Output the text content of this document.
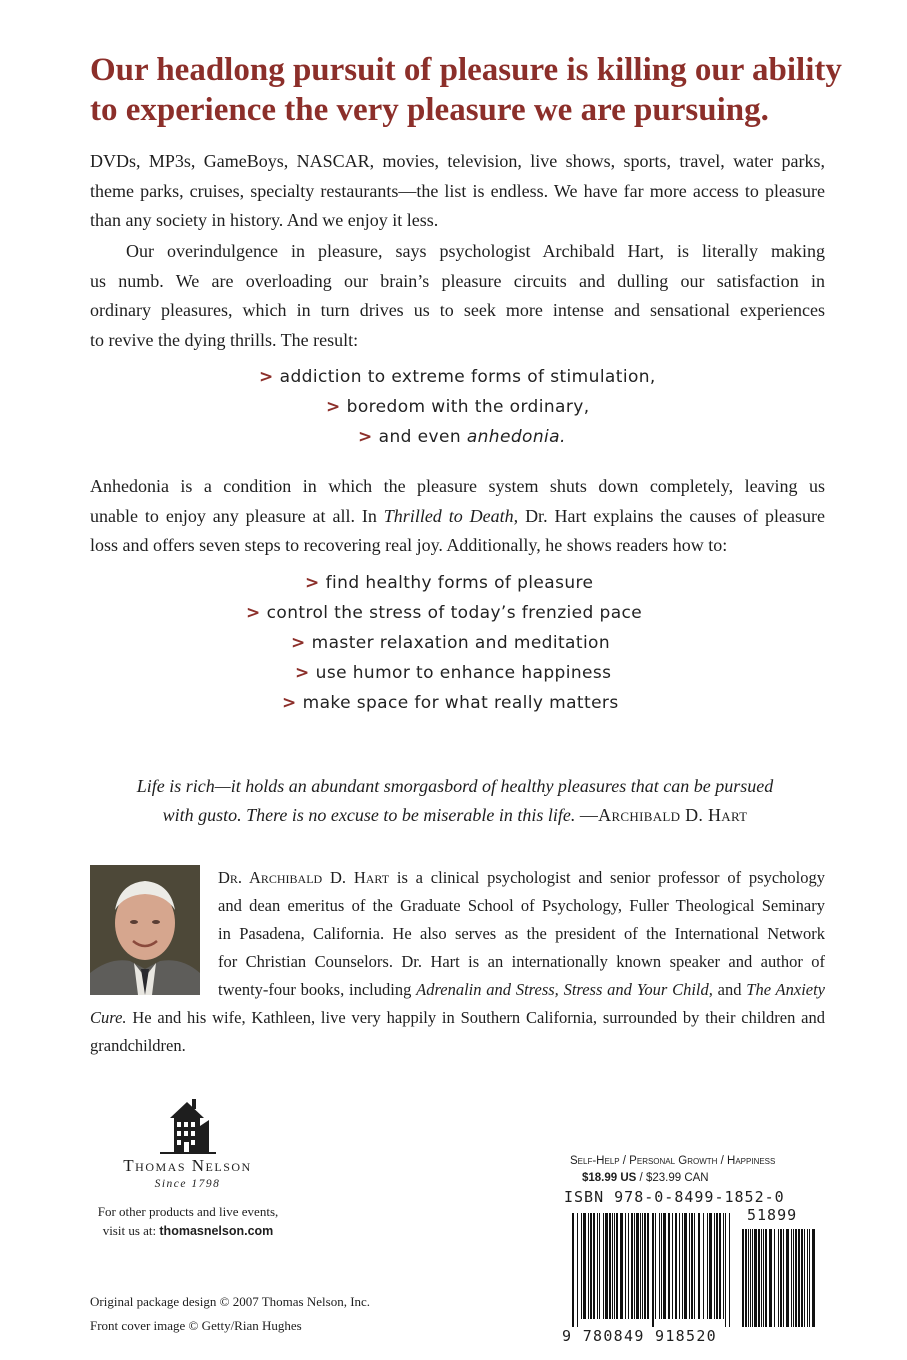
Our headlong pursuit of pleasure is killing our ability
to experience the very pleasure we are pursuing.
DVDs, MP3s, GameBoys, NASCAR, movies, television, live shows, sports, travel, water parks,
theme parks, cruises, specialty restaurants—the list is endless. We have far more access to pleasure
than any society in history. And we enjoy it less.
Our overindulgence in pleasure, says psychologist Archibald Hart, is literally making
us numb. We are overloading our brain’s pleasure circuits and dulling our satisfaction in
ordinary pleasures, which in turn drives us to seek more intense and sensational experiences
to revive the dying thrills. The result:
> addiction to extreme forms of stimulation,
> boredom with the ordinary,
> and even anhedonia.
Anhedonia is a condition in which the pleasure system shuts down completely, leaving us
unable to enjoy any pleasure at all. In Thrilled to Death, Dr. Hart explains the causes of pleasure
loss and offers seven steps to recovering real joy. Additionally, he shows readers how to:
> find healthy forms of pleasure
> control the stress of today’s frenzied pace
> master relaxation and meditation
> use humor to enhance happiness
> make space for what really matters
Life is rich—it holds an abundant smorgasbord of healthy pleasures that can be pursued
with gusto. There is no excuse to be miserable in this life. —Archibald D. Hart
Dr. Archibald D. Hart is a clinical psychologist and senior professor of psychology
and dean emeritus of the Graduate School of Psychology, Fuller Theological Seminary
in Pasadena, California. He also serves as the president of the International Network
for Christian Counselors. Dr. Hart is an internationally known speaker and author of
twenty-four books, including Adrenalin and Stress, Stress and Your Child, and The Anxiety
Cure. He and his wife, Kathleen, live very happily in Southern California, surrounded by their children and
grandchildren.
Thomas Nelson
Since 1798
For other products and live events,
visit us at: thomasnelson.com
Original package design © 2007 Thomas Nelson, Inc.
Front cover image © Getty/Rian Hughes
Self-Help / Personal Growth / Happiness
$18.99 US / $23.99 CAN
ISBN 978-0-8499-1852-0
51899
9 780849 918520
